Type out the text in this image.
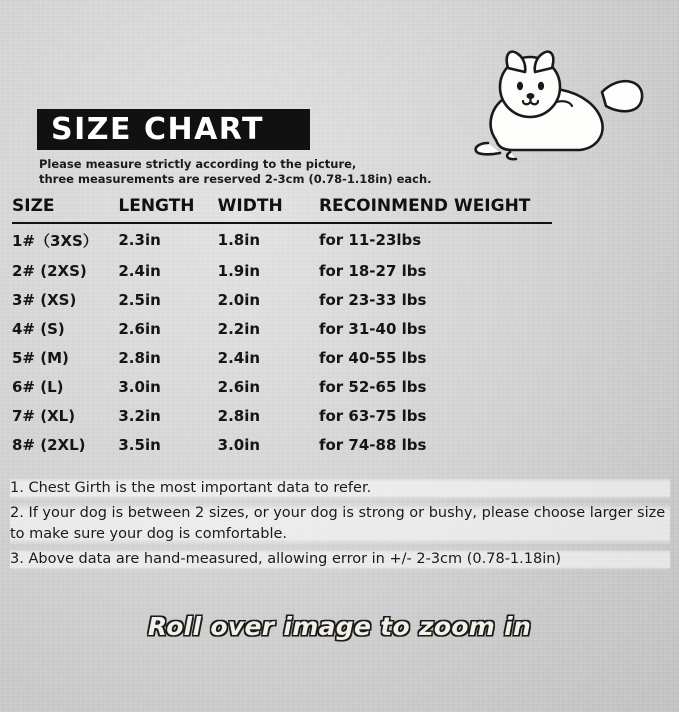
SIZE CHART
Please measure strictly according to the picture,
three measurements are reserved 2-3cm (0.78-1.18in) each.
SIZE	LENGTH	WIDTH	RECOINMEND WEIGHT
1#（3XS）	2.3in	1.8in	for 11-23lbs
2# (2XS)	2.4in	1.9in	for 18-27 lbs
3# (XS)	2.5in	2.0in	for 23-33 lbs
4# (S)	2.6in	2.2in	for 31-40 lbs
5# (M)	2.8in	2.4in	for 40-55 lbs
6# (L)	3.0in	2.6in	for 52-65 lbs
7# (XL)	3.2in	2.8in	for 63-75 lbs
8# (2XL)	3.5in	3.0in	for 74-88 lbs
1. Chest Girth is the most important data to refer.
2. If your dog is between 2 sizes, or your dog is strong or bushy, please choose larger size to make sure your dog is comfortable.
3. Above data are hand-measured, allowing error in +/- 2-3cm (0.78-1.18in)
Roll over image to zoom in
